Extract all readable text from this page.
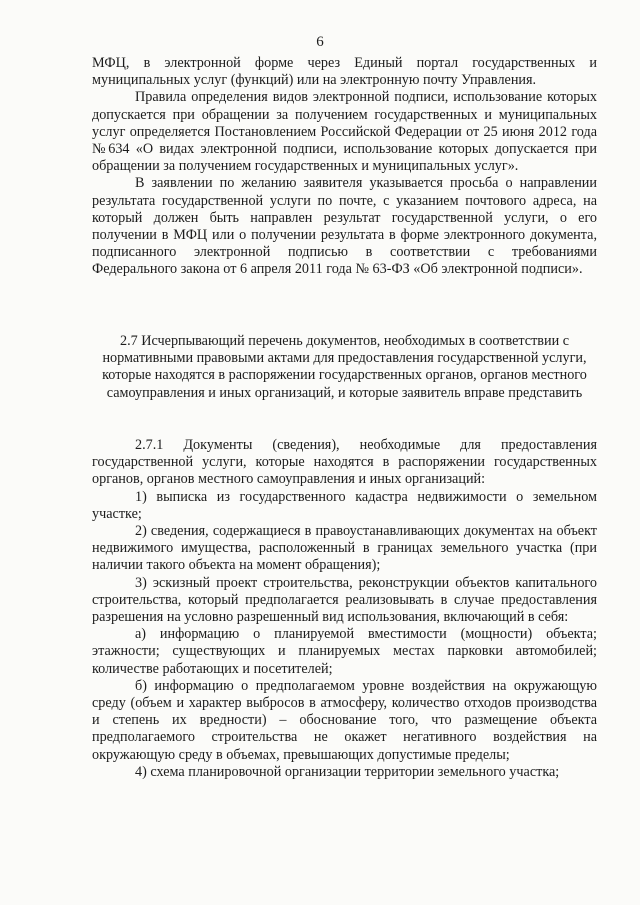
6

МФЦ, в электронной форме через Единый портал государственных и муниципальных услуг (функций) или на электронную почту Управления.

Правила определения видов электронной подписи, использование которых допускается при обращении за получением государственных и муниципальных услуг определяется Постановлением Российской Федерации от 25 июня 2012 года №634 «О видах электронной подписи, использование которых допускается при обращении за получением государственных и муниципальных услуг».

В заявлении по желанию заявителя указывается просьба о направлении результата государственной услуги по почте, с указанием почтового адреса, на который должен быть направлен результат государственной услуги, о его получении в МФЦ или о получении результата в форме электронного документа, подписанного электронной подписью в соответствии с требованиями Федерального закона от 6 апреля 2011 года № 63-ФЗ «Об электронной подписи».

2.7 Исчерпывающий перечень документов, необходимых в соответствии с нормативными правовыми актами для предоставления государственной услуги, которые находятся в распоряжении государственных органов, органов местного самоуправления и иных организаций, и которые заявитель вправе представить

2.7.1 Документы (сведения), необходимые для предоставления государственной услуги, которые находятся в распоряжении государственных органов, органов местного самоуправления и иных организаций:

1) выписка из государственного кадастра недвижимости о земельном участке;

2) сведения, содержащиеся в правоустанавливающих документах на объект недвижимого имущества, расположенный в границах земельного участка (при наличии такого объекта на момент обращения);

3) эскизный проект строительства, реконструкции объектов капитального строительства, который предполагается реализовывать в случае предоставления разрешения на условно разрешенный вид использования, включающий в себя:

а) информацию о планируемой вместимости (мощности) объекта; этажности; существующих и планируемых местах парковки автомобилей; количестве работающих и посетителей;

б) информацию о предполагаемом уровне воздействия на окружающую среду (объем и характер выбросов в атмосферу, количество отходов производства и степень их вредности) – обоснование того, что размещение объекта предполагаемого строительства не окажет негативного воздействия на окружающую среду в объемах, превышающих допустимые пределы;

4) схема планировочной организации территории земельного участка;
